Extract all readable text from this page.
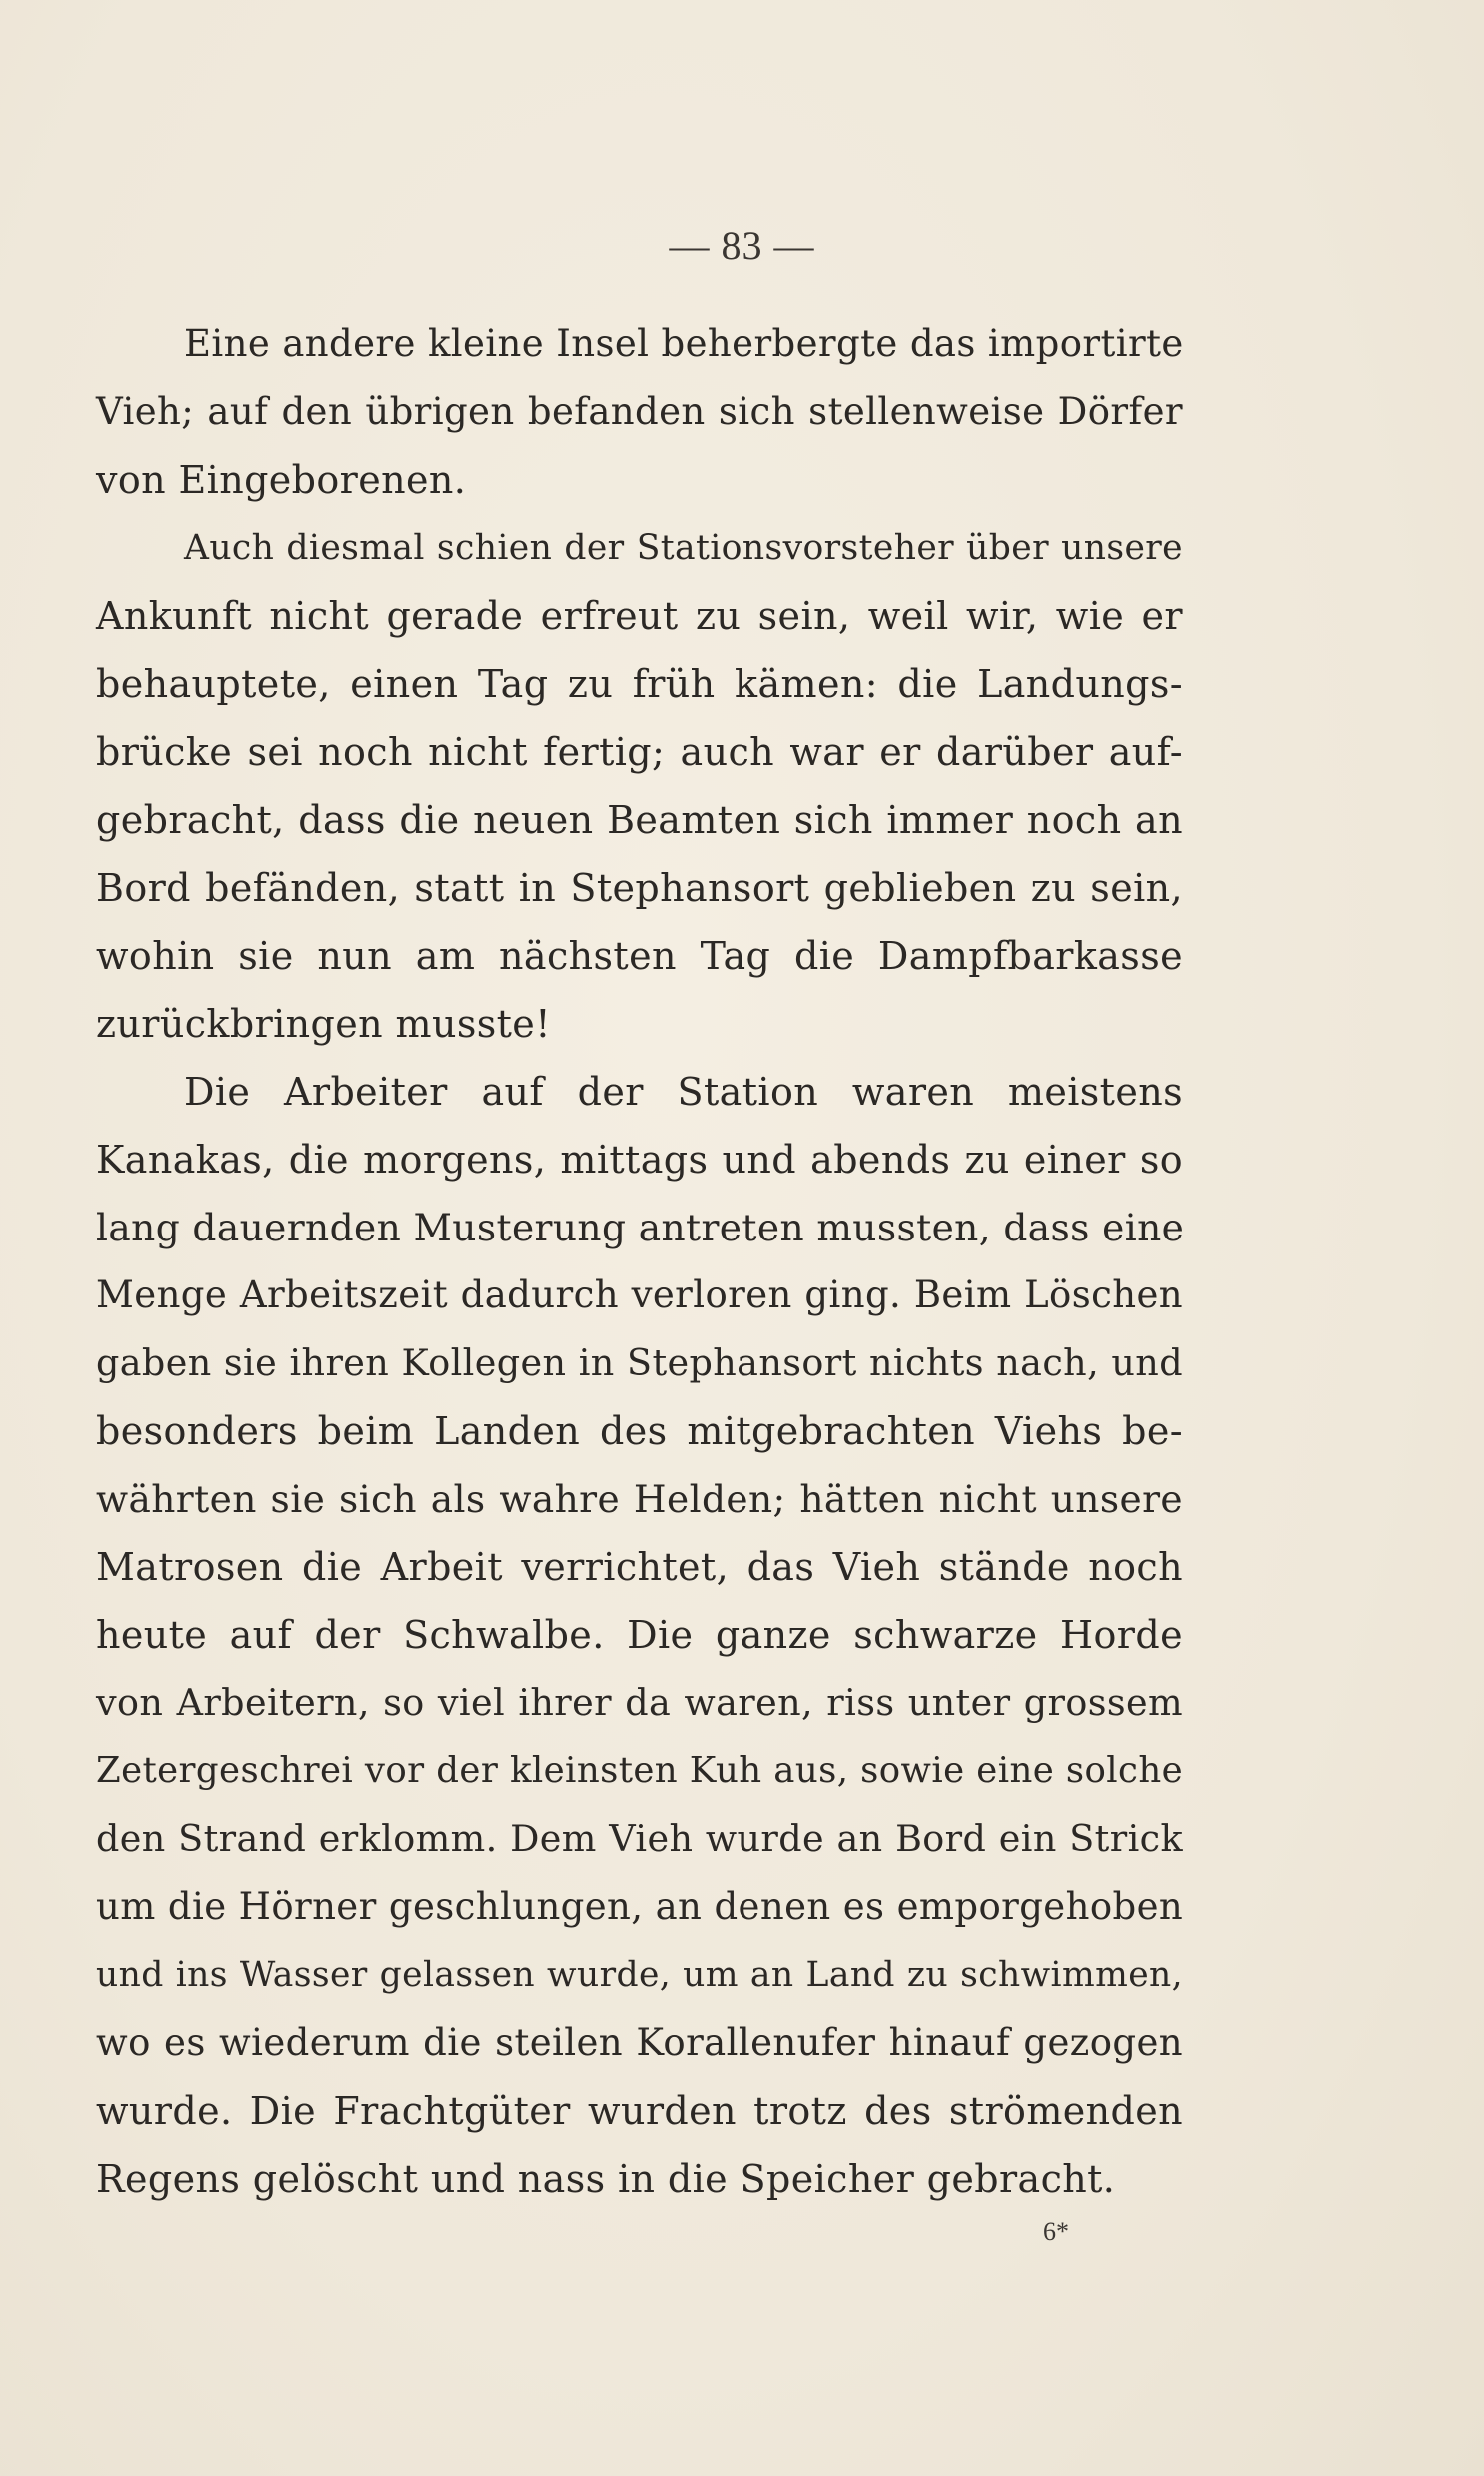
— 83 —
Eine andere kleine Insel beherbergte das importirte
Vieh; auf den übrigen befanden sich stellenweise Dörfer
von Eingeborenen.
Auch diesmal schien der Stationsvorsteher über unsere
Ankunft nicht gerade erfreut zu sein, weil wir, wie er
behauptete, einen Tag zu früh kämen: die Landungs-
brücke sei noch nicht fertig; auch war er darüber auf-
gebracht, dass die neuen Beamten sich immer noch an
Bord befänden, statt in Stephansort geblieben zu sein,
wohin sie nun am nächsten Tag die Dampfbarkasse
zurückbringen musste!
Die Arbeiter auf der Station waren meistens
Kanakas, die morgens, mittags und abends zu einer so
lang dauernden Musterung antreten mussten, dass eine
Menge Arbeitszeit dadurch verloren ging. Beim Löschen
gaben sie ihren Kollegen in Stephansort nichts nach, und
besonders beim Landen des mitgebrachten Viehs be-
währten sie sich als wahre Helden; hätten nicht unsere
Matrosen die Arbeit verrichtet, das Vieh stände noch
heute auf der Schwalbe. Die ganze schwarze Horde
von Arbeitern, so viel ihrer da waren, riss unter grossem
Zetergeschrei vor der kleinsten Kuh aus, sowie eine solche
den Strand erklomm. Dem Vieh wurde an Bord ein Strick
um die Hörner geschlungen, an denen es emporgehoben
und ins Wasser gelassen wurde, um an Land zu schwimmen,
wo es wiederum die steilen Korallenufer hinauf gezogen
wurde. Die Frachtgüter wurden trotz des strömenden
Regens gelöscht und nass in die Speicher gebracht.
6*
